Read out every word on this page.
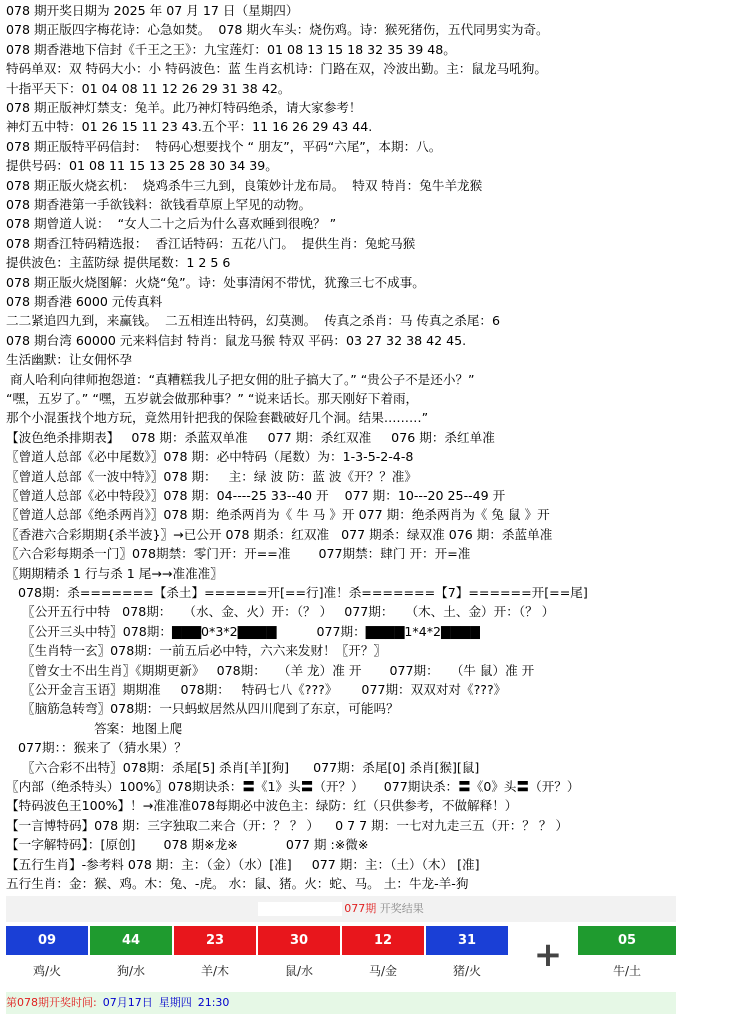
078 期开奖日期为 2025 年 07 月 17 日（星期四）
078 期正版四字梅花诗：心急如焚。  078 期火车头：烧伤鸡。诗：猴死猪伤，五代同男实为奇。
078 期香港地下信封《千王之王》：九宝莲灯：01 08 13 15 18 32 35 39 48。
特码单双：双 特码大小：小 特码波色：蓝 生肖玄机诗：门路在双，冷波出勤。主：鼠龙马吼狗。
十指平天下：01 04 08 11 12 26 29 31 38 42。
078 期正版神灯禁支：兔羊。此乃神灯特码绝杀，请大家参考！
神灯五中特：01 26 15 11 23 43.五个平：11 16 26 29 43 44.
078 期正版特平码信封：  特码心想要找个 “ 朋友”，平码“六尾”，本期：八。
提供号码：01 08 11 15 13 25 28 30 34 39。
078 期正版火烧玄机：  烧鸡杀牛三九到，良策妙计龙布局。  特双 特肖：兔牛羊龙猴
078 期香港第一手欲钱料：欲钱看草原上罕见的动物。
078 期曾道人说：  “女人二十之后为什么喜欢睡到很晚？ ”
078 期香江特码精选报：  香江话特码：五花八门。  提供生肖：兔蛇马猴
提供波色：主蓝防绿 提供尾数：1 2 5 6
078 期正版火烧图解：火烧“兔”。诗：处事清闲不带忧，犹豫三七不成事。
078 期香港 6000 元传真料
二二紧追四九到，来赢钱。  二五相连出特码，幻莫测。  传真之杀肖：马 传真之杀尾：6
078 期台湾 60000 元来料信封 特肖：鼠龙马猴 特双 平码：03 27 32 38 42 45.
生活幽默：让女佣怀孕
商人哈利向律师抱怨道：“真糟糕我儿子把女佣的肚子搞大了。” “贵公子不是还小？”
“嘿，五岁了。” “嘿，五岁就会做那种事？” “说来话长。那天刚好下着雨，
那个小混蛋找个地方玩，竟然用针把我的保险套戳破好几个洞。结果………”
【波色绝杀排期表】   078 期：杀蓝双单准     077 期：杀红双准     076 期：杀红单准
〖曾道人总部《必中尾数》〗078 期：必中特码（尾数）为：1-3-5-2-4-8
〖曾道人总部《一波中特》〗078 期：   主：绿 波 防：蓝 波《开？？准》
〖曾道人总部《必中特段》〗078 期：04----25 33--40 开    077 期：10---20 25--49 开
〖曾道人总部《绝杀两肖》〗078 期：绝杀两肖为《 牛 马 》开 077 期：绝杀两肖为《 兔 鼠 》开
〖香港六合彩期期{杀半波}〗→已公开 078 期杀：红双准   077 期杀：绿双准 076 期：杀蓝单准
〖六合彩每期杀一门〗078期禁：零门开：开==准       077期禁：肆门 开：开=准
〖期期精杀 1 行与杀 1 尾→→准准准〗
078期：杀=======【杀土】======开[==行]准！杀=======【7】======开[==尾]
〖公开五行中特   078期：   （水、金、火）开：（？ ）   077期：   （木、土、金）开：（？ ）
〖公开三头中特〗078期：▇▇▇0*3*2▇▇▇▇          077期：▇▇▇▇1*4*2▇▇▇▇
〖生肖特一玄〗078期：一前五后必中特，六六来发财！〖开？〗
〖曾女士不出生肖〗《期期更新》   078期：   （羊 龙）准 开       077期：   （牛 鼠）准 开
〖公开金言玉语〗期期准     078期：   特码七八《???》      077期：双双对对《???》
〖脑筋急转弯〗078期：一只蚂蚁居然从四川爬到了东京，可能吗？
答案：地图上爬
077期：：猴来了（猜水果）？
〖六合彩不出特〗078期：杀尾[5] 杀肖[羊][狗]      077期：杀尾[0] 杀肖[猴][鼠]
〖内部（绝杀特头）100%〗078期诀杀：〓《1》头〓（开？）     077期诀杀：〓《0》头〓（开？）
【特码波色王100%】！→准准准078每期必中波色主：绿防：红（只供参考，不做解释！）
【一言博特码】078 期：三字独取二来合（开：？ ？ ）    0 7 7 期：一七对九走三五（开：？ ？ ）
【一字解特码】：[原创]       078 期※龙※            077 期 :※微※
【五行生肖】-参考料 078 期：主：（金）（水）[准]     077 期：主：（土）（木） [准]
五行生肖：金：猴、鸡。木：兔、-虎。 水：鼠、猪。火：蛇、马。 土：牛龙-羊-狗
077期 开奖结果
09
鸡/火
44
狗/水
23
羊/木
30
鼠/水
12
马/金
31
猪/火	+	05
牛/土
第078期开奖时间: 07月17日 星期四 21:30
